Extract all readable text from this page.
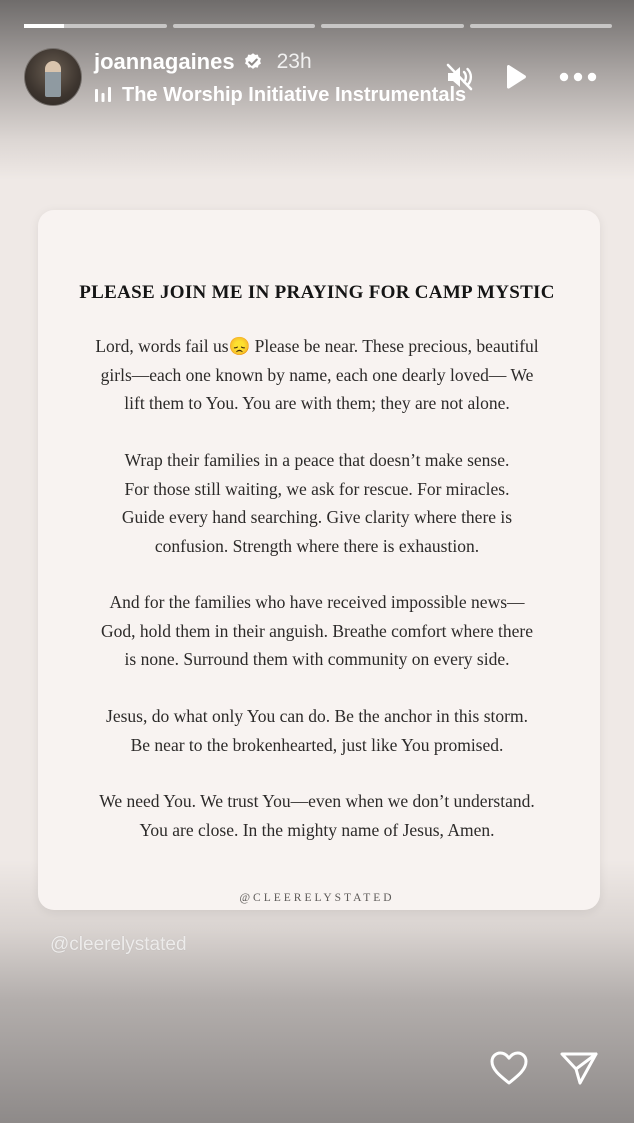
joannagaines 23h
The Worship Initiative Instrumentals
PLEASE JOIN ME IN PRAYING FOR CAMP MYSTIC
Lord, words fail us😞 Please be near. These precious, beautiful
girls—each one known by name, each one dearly loved— We
lift them to You. You are with them; they are not alone.
Wrap their families in a peace that doesn’t make sense.
For those still waiting, we ask for rescue. For miracles.
Guide every hand searching. Give clarity where there is
confusion. Strength where there is exhaustion.
And for the families who have received impossible news—
God, hold them in their anguish. Breathe comfort where there
is none. Surround them with community on every side.
Jesus, do what only You can do. Be the anchor in this storm.
Be near to the brokenhearted, just like You promised.
We need You. We trust You—even when we don’t understand.
You are close. In the mighty name of Jesus, Amen.
@CLEERELYSTATED
@cleerelystated
